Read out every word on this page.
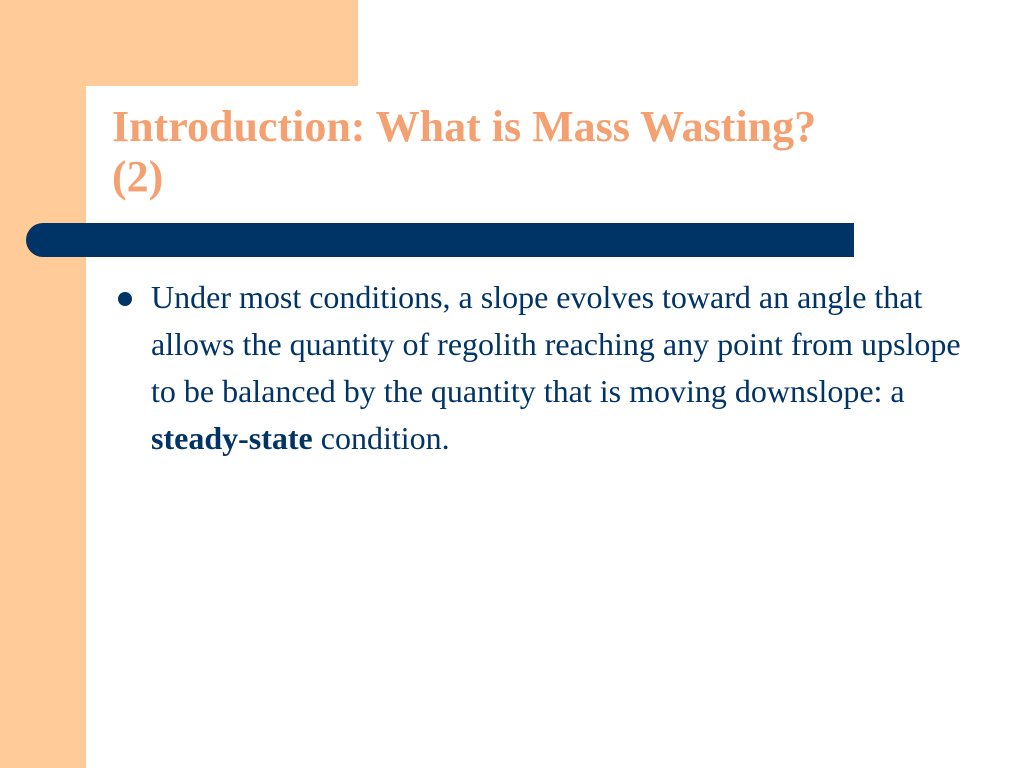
Introduction: What is Mass Wasting?
(2)
Under most conditions, a slope evolves toward an angle that allows the quantity of regolith reaching any point from upslope to be balanced by the quantity that is moving downslope: a steady-state condition.
